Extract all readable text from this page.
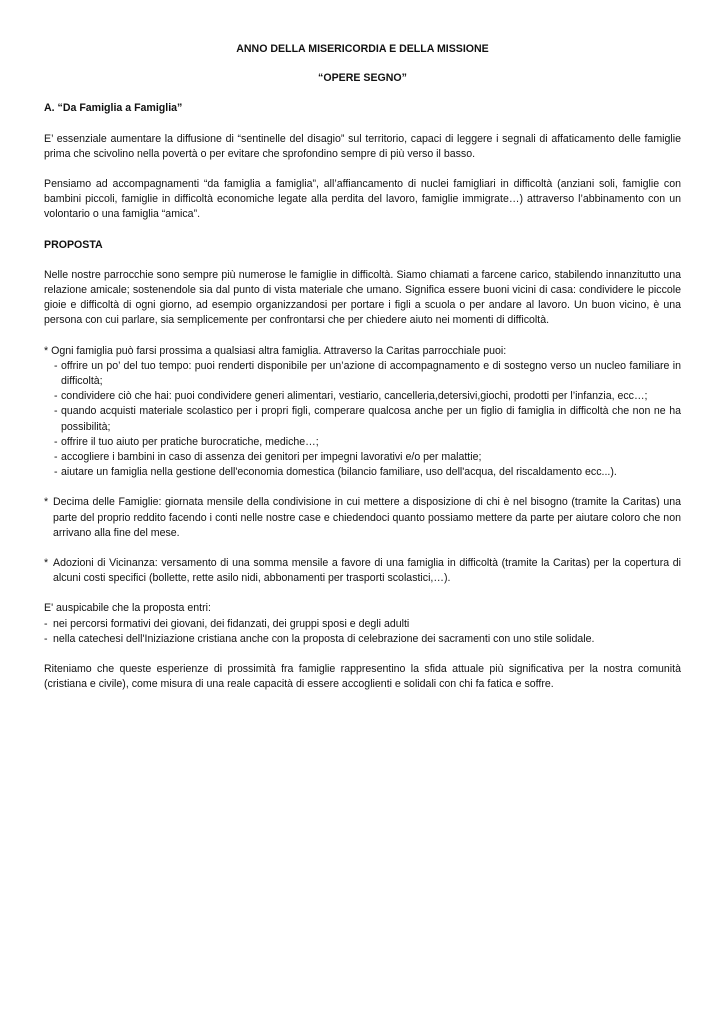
ANNO DELLA MISERICORDIA E DELLA MISSIONE

“OPERE SEGNO”

A. “Da Famiglia a Famiglia”

E’ essenziale aumentare la diffusione di “sentinelle del disagio” sul territorio, capaci di leggere i segnali di affaticamento delle famiglie prima che scivolino nella povertà o per evitare che sprofondino sempre di più verso il basso.

Pensiamo ad accompagnamenti “da famiglia a famiglia”, all’affiancamento di nuclei famigliari in difficoltà (anziani soli, famiglie con bambini piccoli, famiglie in difficoltà economiche legate alla perdita del lavoro, famiglie immigrate…) attraverso l’abbinamento con un volontario o una famiglia “amica”.

PROPOSTA

Nelle nostre parrocchie sono sempre più numerose le famiglie in difficoltà. Siamo chiamati a farcene carico, stabilendo innanzitutto una relazione amicale; sostenendole sia dal punto di vista materiale che umano. Significa essere buoni vicini di casa: condividere le piccole gioie e difficoltà di ogni giorno, ad esempio organizzandosi per portare i figli a scuola o per andare al lavoro. Un buon vicino, è una persona con cui parlare, sia semplicemente per confrontarsi che per chiedere aiuto nei momenti di difficoltà.

* Ogni famiglia può farsi prossima a qualsiasi altra famiglia. Attraverso la Caritas parrocchiale puoi:

- offrire un po’ del tuo tempo: puoi renderti disponibile per un’azione di accompagnamento e di sostegno verso un nucleo familiare in difficoltà;
- condividere ciò che hai: puoi condividere generi alimentari, vestiario, cancelleria,detersivi,giochi, prodotti per l’infanzia, ecc…;
- quando acquisti materiale scolastico per i propri figli, comperare qualcosa anche per un figlio di famiglia in difficoltà che non ne ha possibilità;
- offrire il tuo aiuto per pratiche burocratiche, mediche…;
- accogliere i bambini in caso di assenza dei genitori per impegni lavorativi e/o per malattie;
- aiutare un famiglia nella gestione dell'economia domestica (bilancio familiare, uso dell'acqua, del riscaldamento ecc...).
* Decima delle Famiglie: giornata mensile della condivisione in cui mettere a disposizione di chi è nel bisogno (tramite la Caritas) una parte del proprio reddito facendo i conti nelle nostre case e chiedendoci quanto possiamo mettere da parte per aiutare coloro che non arrivano alla fine del mese.
* Adozioni di Vicinanza: versamento di una somma mensile a favore di una famiglia in difficoltà (tramite la Caritas) per la copertura di alcuni costi specifici (bollette, rette asilo nidi, abbonamenti per trasporti scolastici,…).

E' auspicabile che la proposta entri:

- nei percorsi formativi dei giovani, dei fidanzati, dei gruppi sposi e degli adulti
- nella catechesi dell'Iniziazione cristiana anche con la proposta di celebrazione dei sacramenti con uno stile solidale.

Riteniamo che queste esperienze di prossimità fra famiglie rappresentino la sfida attuale più significativa per la nostra comunità (cristiana e civile), come misura di una reale capacità di essere accoglienti e solidali con chi fa fatica e soffre.
